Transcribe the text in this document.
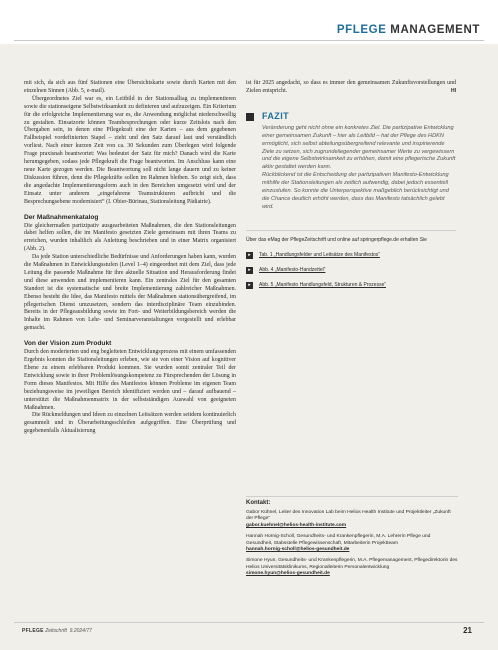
PFLEGE MANAGEMENT

mit sich, da sich aus fünf Stationen eine Übersichtskarte sowie durch Karten mit den einzelnen Sinnen (Abb. 5, e-mail).

Übergeordnetes Ziel war es, ein Leitbild in der Stationsalltag zu implementieren sowie die stationseigene Selbstwirksamkeit zu definieren und aufzuzeigen. Ein Kriterium für die erfolgreiche Implementierung war es, die Anwendung möglichst niederschwellig zu gestalten. Einsatzorte können Teambesprechungen oder kurze Zeitslots nach den Übergaben sein, in denen eine Pflegekraft eine der Karten – aus dem gegebenen Fallbeispiel vordefinierten Stapel – zieht und den Satz darauf laut und verständlich vorliest. Nach einer kurzen Zeit von ca. 30 Sekunden zum Überlegen wird folgende Frage praxisnah beantwortet: Was bedeutet der Satz für mich? Danach wird die Karte herumgegeben, sodass jede Pflegekraft die Frage beantworten. Im Anschluss kann eine neue Karte gezogen werden. Die Beantwortung soll nicht lange dauern und zu keiner Diskussion führen, denn die Pflegekräfte sollen im Rahmen bleiben. So zeigt sich, dass die angedachte Implementierungsform auch in den Bereichen umgesetzt wird und der Einsatz unter anderem „eingefahrene Teamstrukturen aufbricht und die Besprechungsebene modernisiert“ (I. Obier-Bürinau, Stationsleitung Pädiatrie).

Der Maßnahmenkatalog

Die gleichermaßen partizipativ ausgearbeiteten Maßnahmen, die den Stationsleitungen dabei helfen sollen, die im Manifesto gesetzten Ziele gemeinsam mit ihren Teams zu erreichen, wurden inhaltlich als Anleitung beschrieben und in einer Matrix organisiert (Abb. 2).

Da jede Station unterschiedliche Bedürfnisse und Anforderungen haben kann, wurden die Maßnahmen in Entwicklungsstufen (Level 1–4) eingeordnet mit dem Ziel, dass jede Leitung die passende Maßnahme für ihre aktuelle Situation und Herausforderung findet und diese anwenden und implementieren kann. Ein zentrales Ziel für den gesamten Standort ist die systematische und breite Implementierung zahlreicher Maßnahmen. Ebenso besteht die Idee, das Manifesto mittels der Maßnahmen stationsübergreifend, im pflegerischen Dienst umzusetzen, sondern das interdisziplinäre Team einzubinden. Bereits in der Pflegeausbildung sowie im Fort- und Weiterbildungsbereich werden die Inhalte im Rahmen von Lehr- und Seminarveranstaltungen vorgestellt und erlebbar gemacht.

Von der Vision zum Produkt

Durch den moderierten und eng begleiteten Entwicklungsprozess mit einem umfassenden Ergebnis konnten die Stationsleitungen erleben, wie sie von einer Vision auf kognitiver Ebene zu einem erlebbaren Produkt kommen. Sie wurden somit zentraler Teil der Entwicklung sowie in ihrer Problemlösungskompetenz zu Fürsprechenden der Lösung in Form dieses Manifestos. Mit Hilfe des Manifestos können Probleme im eigenen Team beziehungsweise im jeweiligen Bereich identifiziert werden und – darauf aufbauend – unterstützt die Maßnahmenmatrix in der selbstständigen Auswahl von geeigneten Maßnahmen.

Die Rückmeldungen und Ideen zu einzelnen Leitsätzen werden seitdem kontinuierlich gesammelt und in Überarbeitungsschleifen aufgegriffen. Eine Überprüfung und gegebenenfalls Aktualisierung

ist für 2025 angedacht, so dass es immer den gemeinsamen Zukunftsvorstellungen und Zielen entspricht.	HI

FAZIT

Veränderung geht nicht ohne ein konkretes Ziel. Die partizipative Entwicklung einer gemeinsamen Zukunft – hier als Leitbild – hat der Pflege des HDKN ermöglicht, sich selbst abteilungsübergreifend relevante und inspirierende Ziele zu setzen, sich zugrundeliegender gemeinsamer Werte zu vergewissern und die eigene Selbstwirksamkeit zu erhöhen, damit eine pflegerische Zukunft aktiv gestaltet werden kann.

Rückblickend ist die Entscheidung der partizipativen Manifesto-Entwicklung mithilfe der Stationsleitungen als zeitlich aufwendig, dabei jedoch essentiell einzustufen. So konnte die Unterperspektive maßgeblich berücksichtigt und die Chance deutlich erhöht werden, dass das Manifesto tatsächlich gelebt wird.

Über das eMag der PflegeZeitschrift und online auf springerpflege.de erhalten Sie
▸	Tab. 1 „Handlungsfelder und Leitsätze des Manifestos“
▸	Abb. 4 „Manifesto-Handzettel“
▸	Abb. 5 „Manifesto Handlungsfeld, Strukturen & Prozesse“
Kontakt:

Gabor Kühnel, Leiter des Innovation Lab beim Helios Health Institute und Projektleiter „Zukunft der Pflege“
gabor.kuehnel@helios-health-institute.com

Hannah Hornig-Scholl, Gesundheits- und Krankenpflegerin, M.A. Lehrerin Pflege und Gesundheit, Stabsstelle Pflegewissenschaft, Mitarbeiterin Projektteam
hannah.hornig-scholl@helios-gesundheit.de

Simone Hyun, Gesundheits- und Krankenpflegerin, M.A. Pflegemanagement, Pflegedirektorin des Helios Universitätsklinikums, Regionalleiterin Personalentwicklung
simone.hyun@helios-gesundheit.de

PFLEGE Zeitschrift 9.2024/77	21
